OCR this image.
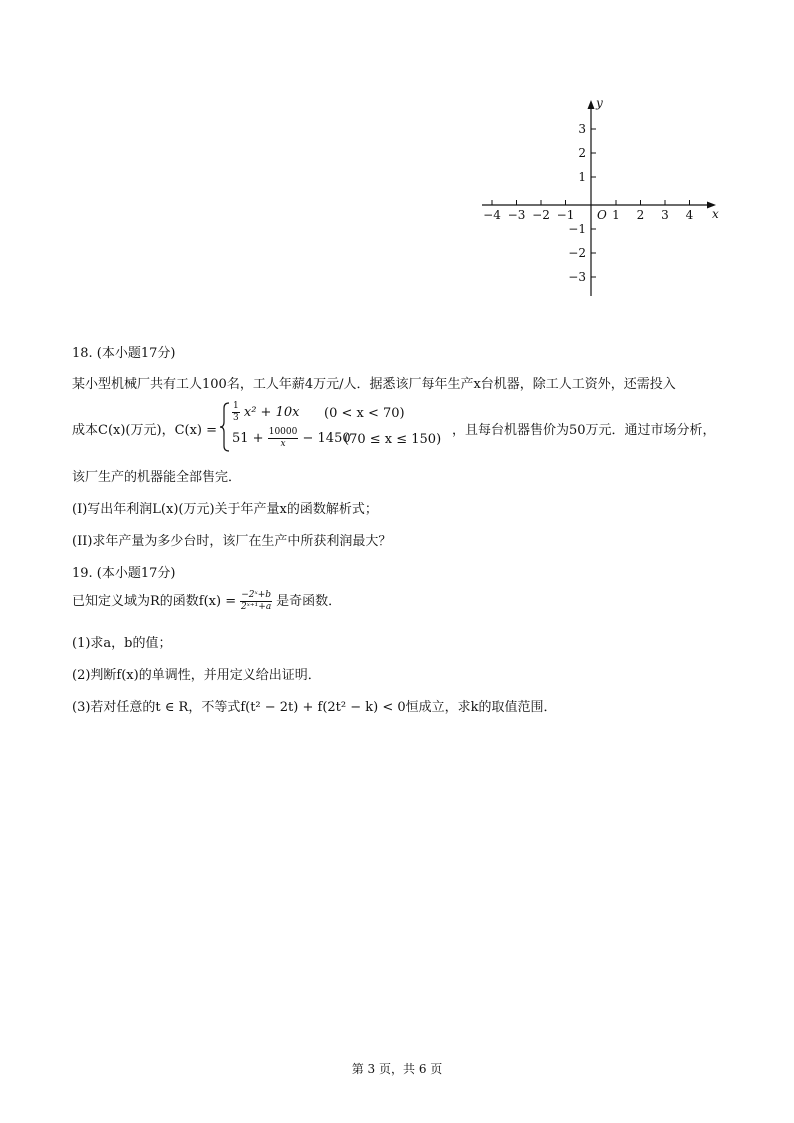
−4 −3 −2 −1	1 2 3 4
3
2
1
−1
−2
−3
O	x
y
18. (本小题17分)
某小型机械厂共有工人100名，工人年薪4万元/人．据悉该厂每年生产x台机器，除工人工资外，还需投入
成本C(x)(万元)，C(x) =
$\frac{1}{3} x^2 + 10x$ (0 < x < 70)
$51 + \frac{10000}{x} - 1450$
(70 ≤ x ≤ 150)
，且每台机器售价为50万元．通过市场分析，
该厂生产的机器能全部售完．
(I)写出年利润L(x)(万元)关于年产量x的函数解析式；
(II)求年产量为多少台时，该厂在生产中所获利润最大？
19. (本小题17分)
已知定义域为R的函数$f(x) = \frac{\text{−2ˣ+b}}{\text{2ˣ⁺¹+a}}$ 是奇函数．
(1)求a，b的值；
(2)判断f(x)的单调性，并用定义给出证明．
(3)若对任意的t ∈ R，不等式f(t² − 2t) + f(2t² − k) < 0恒成立，求k的取值范围．
第 3 页，共 6 页
